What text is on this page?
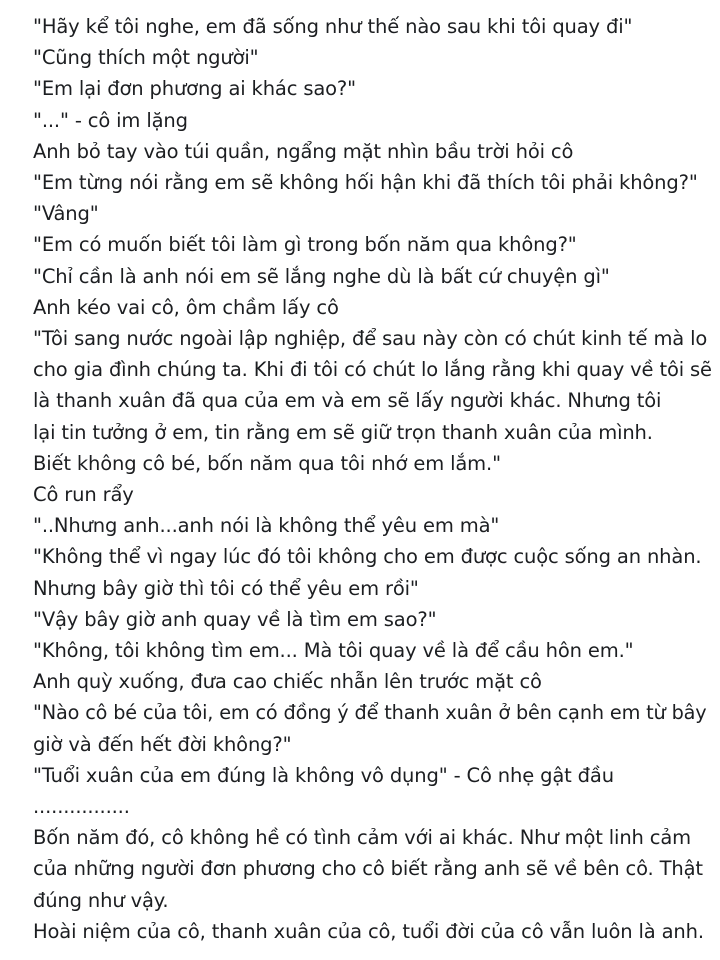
"Hãy kể tôi nghe, em đã sống như thế nào sau khi tôi quay đi"
"Cũng thích một người"
"Em lại đơn phương ai khác sao?"
"..." - cô im lặng
Anh bỏ tay vào túi quần, ngẩng mặt nhìn bầu trời hỏi cô
"Em từng nói rằng em sẽ không hối hận khi đã thích tôi phải không?"
"Vâng"
"Em có muốn biết tôi làm gì trong bốn năm qua không?"
"Chỉ cần là anh nói em sẽ lắng nghe dù là bất cứ chuyện gì"
Anh kéo vai cô, ôm chầm lấy cô
"Tôi sang nước ngoài lập nghiệp, để sau này còn có chút kinh tế mà lo
cho gia đình chúng ta. Khi đi tôi có chút lo lắng rằng khi quay về tôi sẽ
là thanh xuân đã qua của em và em sẽ lấy người khác. Nhưng tôi
lại tin tưởng ở em, tin rằng em sẽ giữ trọn thanh xuân của mình.
Biết không cô bé, bốn năm qua tôi nhớ em lắm."
Cô run rẩy
"..Nhưng anh...anh nói là không thể yêu em mà"
"Không thể vì ngay lúc đó tôi không cho em được cuộc sống an nhàn.
Nhưng bây giờ thì tôi có thể yêu em rồi"
"Vậy bây giờ anh quay về là tìm em sao?"
"Không, tôi không tìm em... Mà tôi quay về là để cầu hôn em."
Anh quỳ xuống, đưa cao chiếc nhẫn lên trước mặt cô
"Nào cô bé của tôi, em có đồng ý để thanh xuân ở bên cạnh em từ bây
giờ và đến hết đời không?"
"Tuổi xuân của em đúng là không vô dụng" - Cô nhẹ gật đầu
................
Bốn năm đó, cô không hề có tình cảm với ai khác. Như một linh cảm
của những người đơn phương cho cô biết rằng anh sẽ về bên cô. Thật
đúng như vậy.
Hoài niệm của cô, thanh xuân của cô, tuổi đời của cô vẫn luôn là anh.
